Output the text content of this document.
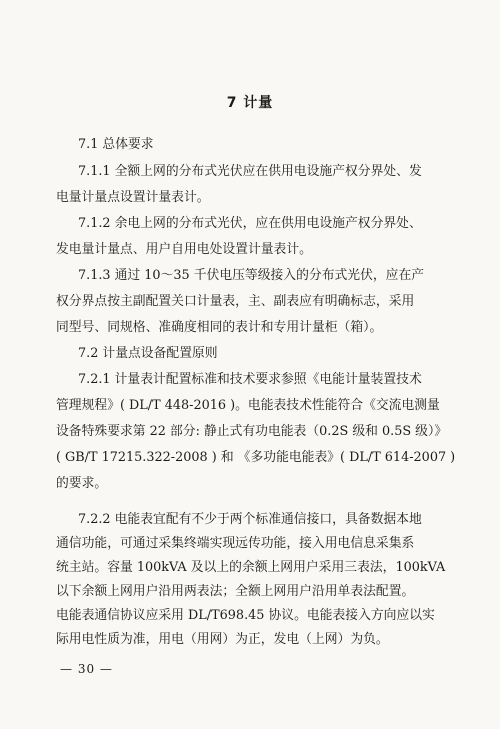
7 计量
7.1 总体要求
7.1.1 全额上网的分布式光伏应在供用电设施产权分界处、发
电量计量点设置计量表计。
7.1.2 余电上网的分布式光伏，应在供用电设施产权分界处、
发电量计量点、用户自用电处设置计量表计。
7.1.3 通过 10～35 千伏电压等级接入的分布式光伏，应在产
权分界点按主副配置关口计量表，主、副表应有明确标志，采用
同型号、同规格、准确度相同的表计和专用计量柜（箱）。
7.2 计量点设备配置原则
7.2.1 计量表计配置标准和技术要求参照《电能计量装置技术
管理规程》( DL/T 448-2016 )。电能表技术性能符合《交流电测量
设备特殊要求第 22 部分: 静止式有功电能表（0.2S 级和 0.5S 级）》
( GB/T 17215.322-2008 ) 和 《多功能电能表》( DL/T 614-2007 )
的要求。
7.2.2 电能表宜配有不少于两个标准通信接口，具备数据本地
通信功能，可通过采集终端实现远传功能，接入用电信息采集系
统主站。容量 100kVA 及以上的余额上网用户采用三表法，100kVA
以下余额上网用户沿用两表法；全额上网用户沿用单表法配置。
电能表通信协议应采用 DL/T698.45 协议。电能表接入方向应以实
— 30 —
际用电性质为准，用电（用网）为正，发电（上网）为负。
